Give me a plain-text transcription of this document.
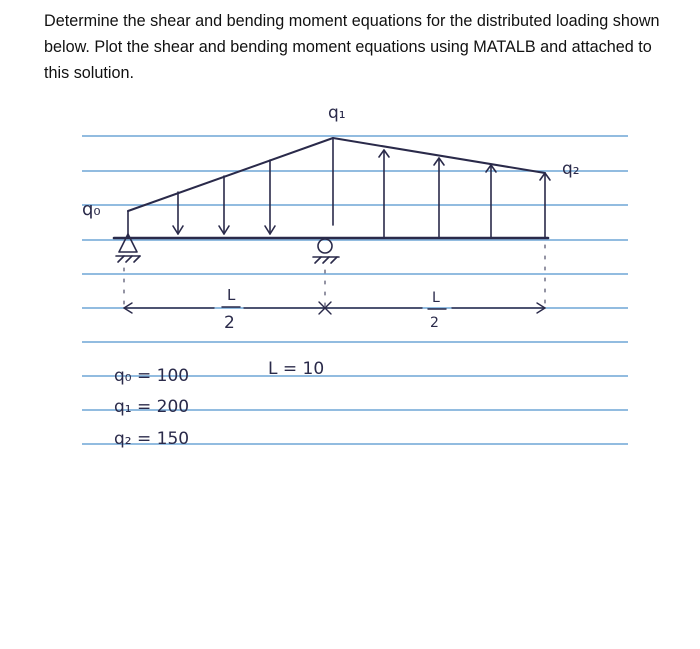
Determine the shear and bending moment equations for the distributed loading shown below. Plot the shear and bending moment equations using MATALB and attached to this solution.
L
2
L
2
q₁
q₀
q₂
q₀ = 100	L = 10
q₁ = 200
q₂ = 150
